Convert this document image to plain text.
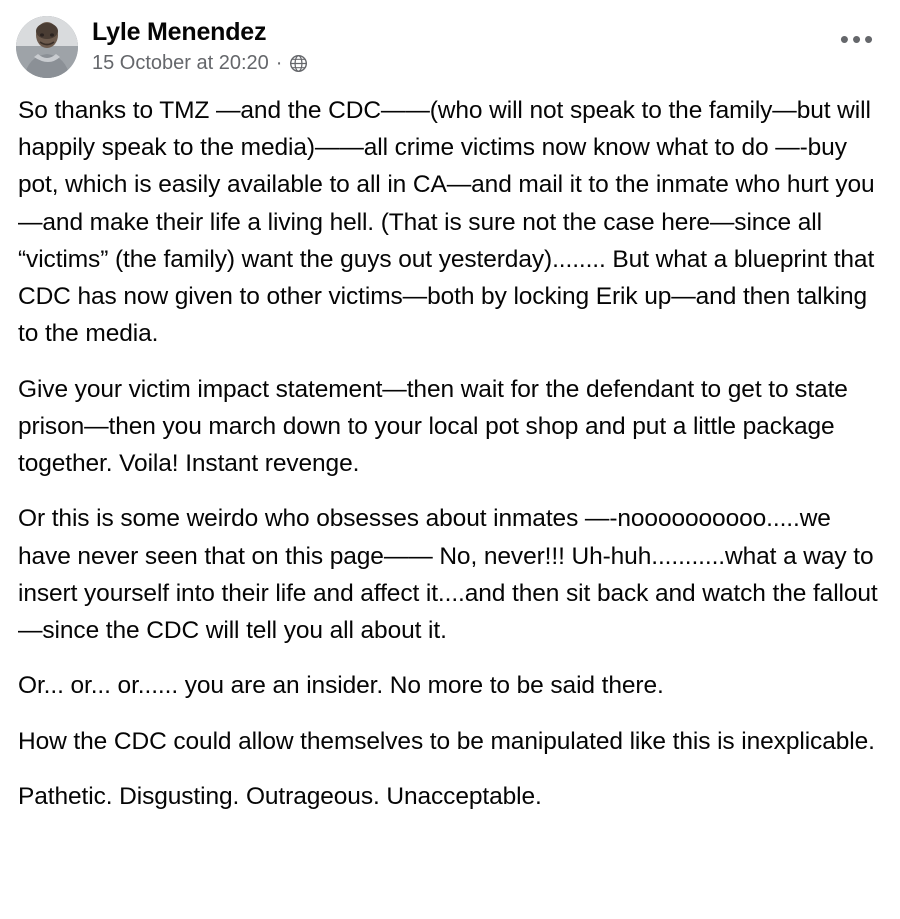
Lyle Menendez
15 October at 20:20 ·
•••

So thanks to TMZ —and the CDC——(who will not speak to the family—but will happily speak to the media)——all crime victims now know what to do —-buy pot, which is easily available to all in CA—and mail it to the inmate who hurt you—and make their life a living hell. (That is sure not the case here—since all “victims” (the family) want the guys out yesterday)........ But what a blueprint that CDC has now given to other victims—both by locking Erik up—and then talking to the media.

Give your victim impact statement—then wait for the defendant to get to state prison—then you march down to your local pot shop and put a little package together. Voila! Instant revenge.

Or this is some weirdo who obsesses about inmates —-noooooooooo.....we have never seen that on this page—— No, never!!! Uh-huh...........what a way to insert yourself into their life and affect it....and then sit back and watch the fallout—since the CDC will tell you all about it.

Or... or... or...... you are an insider. No more to be said there.

How the CDC could allow themselves to be manipulated like this is inexplicable.

Pathetic. Disgusting. Outrageous. Unacceptable.
